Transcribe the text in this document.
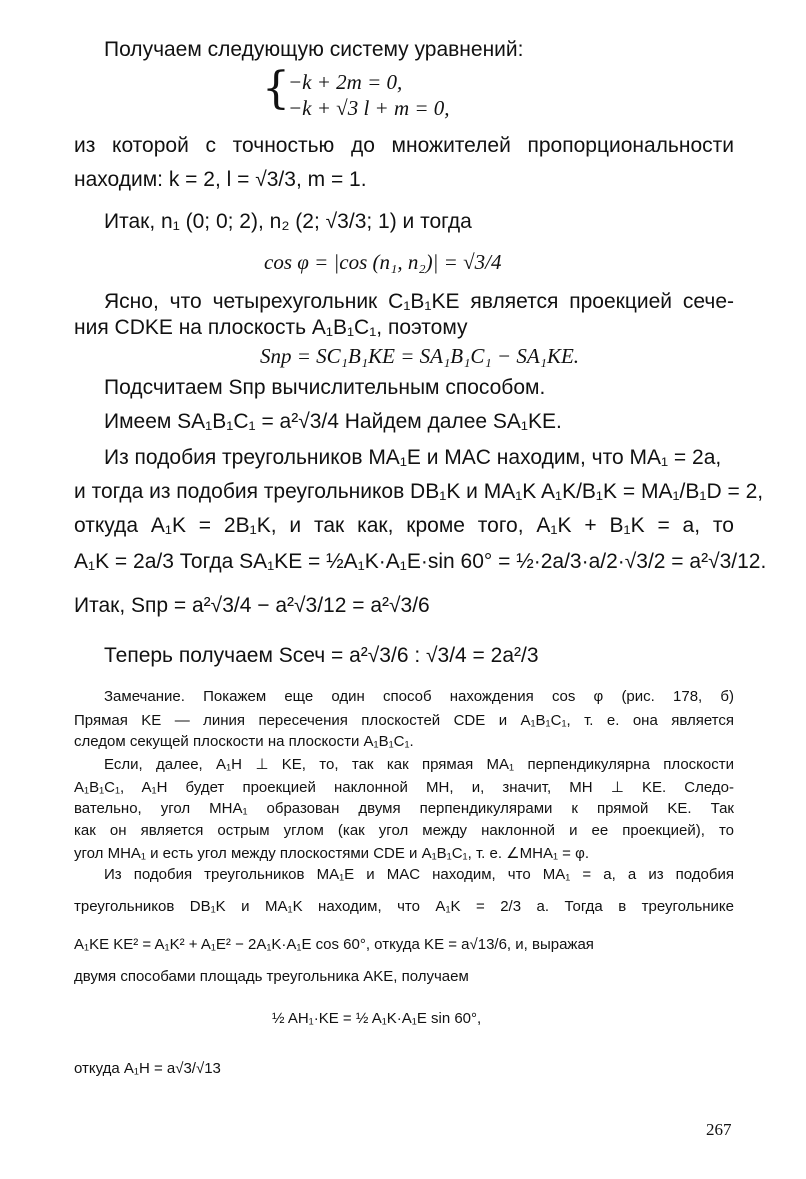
Получаем следующую систему уравнений:
{
−k + 2m = 0,
−k + √3 l + m = 0,
из которой с точностью до множителей пропорциональности
находим: k = 2, l = √3/3, m = 1.
Итак, n₁ (0; 0; 2), n₂ (2; √3/3; 1) и тогда
cos φ = |cos (n₁, n₂)| = √3/4
Ясно, что четырехугольник C₁B₁KE является проекцией сече-
ния CDKE на плоскость A₁B₁C₁, поэтому
Sпр = SC₁B₁KE = SA₁B₁C₁ − SA₁KE.
Подсчитаем Sпр вычислительным способом.
Имеем SA₁B₁C₁ = a²√3/4 Найдем далее SA₁KE.
Из подобия треугольников MA₁E и MAC находим, что MA₁ = 2a,
и тогда из подобия треугольников DB₁K и MA₁K A₁K/B₁K = MA₁/B₁D = 2,
откуда A₁K = 2B₁K, и так как, кроме того, A₁K + B₁K = a, то
A₁K = 2a/3 Тогда SA₁KE = ½A₁K·A₁E·sin 60° = ½·2a/3·a/2·√3/2 = a²√3/12.
Итак, Sпр = a²√3/4 − a²√3/12 = a²√3/6
Теперь получаем Sсеч = a²√3/6 : √3/4 = 2a²/3
Замечание. Покажем еще один способ нахождения cos φ (рис. 178, б)
Прямая KE — линия пересечения плоскостей CDE и A₁B₁C₁, т. е. она является
следом секущей плоскости на плоскости A₁B₁C₁.
Если, далее, A₁H ⊥ KE, то, так как прямая MA₁ перпендикулярна плоскости
A₁B₁C₁, A₁H будет проекцией наклонной MH, и, значит, MH ⊥ KE. Следо-
вательно, угол MHA₁ образован двумя перпендикулярами к прямой KE. Так
как он является острым углом (как угол между наклонной и ее проекцией), то
угол MHA₁ и есть угол между плоскостями CDE и A₁B₁C₁, т. е. ∠MHA₁ = φ.
Из подобия треугольников MA₁E и MAC находим, что MA₁ = a, а из подобия
треугольников DB₁K и MA₁K находим, что A₁K = 2/3 a. Тогда в треугольнике
A₁KE KE² = A₁K² + A₁E² − 2A₁K·A₁E cos 60°, откуда KE = a√13/6, и, выражая
двумя способами площадь треугольника AKE, получаем
½ AH₁·KE = ½ A₁K·A₁E sin 60°,
откуда A₁H = a√3/√13
267
